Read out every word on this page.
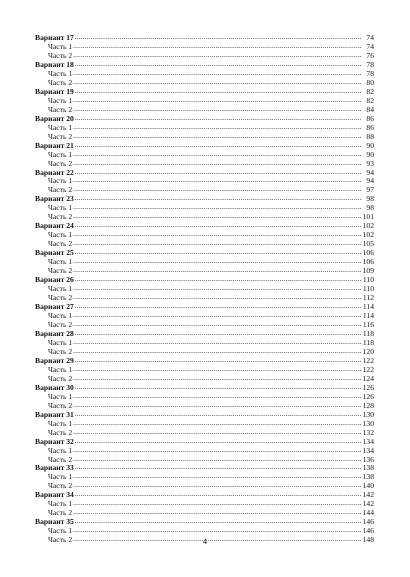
Вариант 17 .....	74
Часть 1 .....	74
Часть 2 .....	76
Вариант 18 .....	78
Часть 1 .....	78
Часть 2 .....	80
Вариант 19 .....	82
Часть 1 .....	82
Часть 2 .....	84
Вариант 20 .....	86
Часть 1 .....	86
Часть 2 .....	88
Вариант 21 .....	90
Часть 1 .....	90
Часть 2 .....	93
Вариант 22 .....	94
Часть 1 .....	94
Часть 2 .....	97
Вариант 23 .....	98
Часть 1 .....	98
Часть 2 .....	101
Вариант 24 .....	102
Часть 1 .....	102
Часть 2 .....	105
Вариант 25 .....	106
Часть 1 .....	106
Часть 2 .....	109
Вариант 26 .....	110
Часть 1 .....	110
Часть 2 .....	112
Вариант 27 .....	114
Часть 1 .....	114
Часть 2 .....	116
Вариант 28 .....	118
Часть 1 .....	118
Часть 2 .....	120
Вариант 29 .....	122
Часть 1 .....	122
Часть 2 .....	124
Вариант 30 .....	126
Часть 1 .....	126
Часть 2 .....	128
Вариант 31 .....	130
Часть 1 .....	130
Часть 2 .....	132
Вариант 32 .....	134
Часть 1 .....	134
Часть 2 .....	136
Вариант 33 .....	138
Часть 1 .....	138
Часть 2 .....	140
Вариант 34 .....	142
Часть 1 .....	142
Часть 2 .....	144
Вариант 35 .....	146
Часть 1 .....	146
Часть 2 .....	148
4
